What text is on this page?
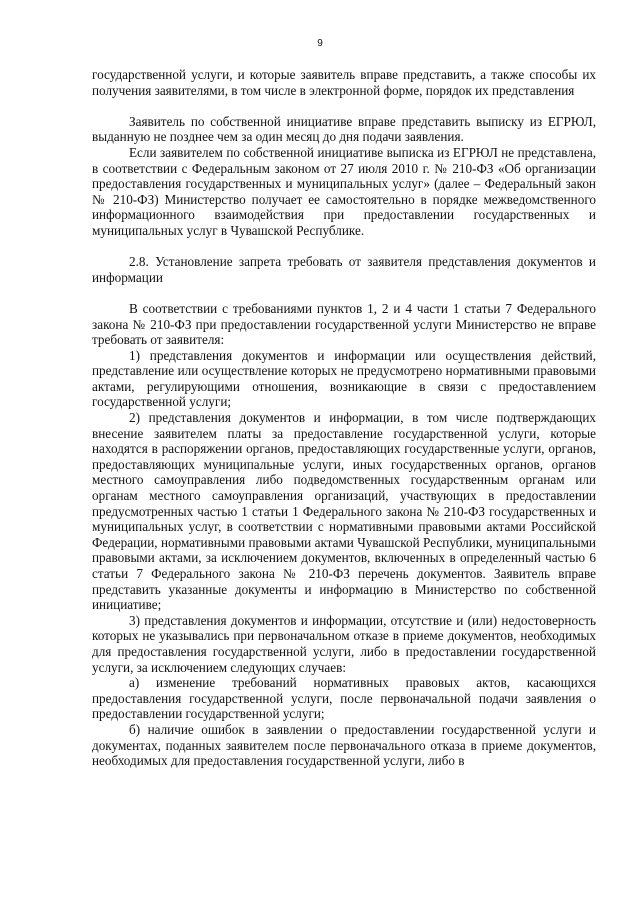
9

государственной услуги, и которые заявитель вправе представить, а также способы их получения заявителями, в том числе в электронной форме, порядок их представления

Заявитель по собственной инициативе вправе представить выписку из ЕГРЮЛ, выданную не позднее чем за один месяц до дня подачи заявления.

Если заявителем по собственной инициативе выписка из ЕГРЮЛ не представлена, в соответствии с Федеральным законом от 27 июля 2010 г. № 210-ФЗ «Об организации предоставления государственных и муниципальных услуг» (далее – Федеральный закон № 210-ФЗ) Министерство получает ее самостоятельно в порядке межведомственного информационного взаимодействия при предоставлении государственных и муниципальных услуг в Чувашской Республике.

2.8. Установление запрета требовать от заявителя представления документов и информации

В соответствии с требованиями пунктов 1, 2 и 4 части 1 статьи 7 Федерального закона № 210-ФЗ при предоставлении государственной услуги Министерство не вправе требовать от заявителя:

1) представления документов и информации или осуществления действий, представление или осуществление которых не предусмотрено нормативными правовыми актами, регулирующими отношения, возникающие в связи с предоставлением государственной услуги;

2) представления документов и информации, в том числе подтверждающих внесение заявителем платы за предоставление государственной услуги, которые находятся в распоряжении органов, предоставляющих государственные услуги, органов, предоставляющих муниципальные услуги, иных государственных органов, органов местного самоуправления либо подведомственных государственным органам или органам местного самоуправления организаций, участвующих в предоставлении предусмотренных частью 1 статьи 1 Федерального закона № 210-ФЗ государственных и муниципальных услуг, в соответствии с нормативными правовыми актами Российской Федерации, нормативными правовыми актами Чувашской Республики, муниципальными правовыми актами, за исключением документов, включенных в определенный частью 6 статьи 7 Федерального закона № 210-ФЗ перечень документов. Заявитель вправе представить указанные документы и информацию в Министерство по собственной инициативе;

3) представления документов и информации, отсутствие и (или) недостоверность которых не указывались при первоначальном отказе в приеме документов, необходимых для предоставления государственной услуги, либо в предоставлении государственной услуги, за исключением следующих случаев:

а) изменение требований нормативных правовых актов, касающихся предоставления государственной услуги, после первоначальной подачи заявления о предоставлении государственной услуги;

б) наличие ошибок в заявлении о предоставлении государственной услуги и документах, поданных заявителем после первоначального отказа в приеме документов, необходимых для предоставления государственной услуги, либо в
